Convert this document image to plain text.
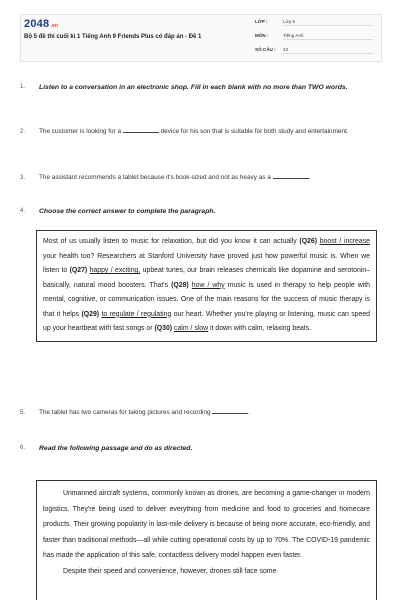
2048.vn
Bộ 5 đề thi cuối kì 1 Tiếng Anh 9 Friends Plus có đáp án - Đề 1
LỚP :	Lớp 9
MÔN :	Tiếng Anh
SỐ CÂU : 43
1. Listen to a conversation in an electronic shop. Fill in each blank with no more than TWO words.
2. The customer is looking for a	device for his son that is suitable for both study and entertainment.
3. The assistant recommends a tablet because it's book-sized and not as heavy as a	.
4. Choose the correct answer to complete the paragraph.
Most of us usually listen to music for relaxation, but did you know it can actually (Q26) boost / increase your health too? Researchers at Stanford University have proved just how powerful music is. When we listen to (Q27) happy / exciting, upbeat tunes, our brain releases chemicals like dopamine and serotonin–basically, natural mood boosters. That's (Q28) how / why music is used in therapy to help people with mental, cognitive, or communication issues. One of the main reasons for the success of music therapy is that it helps (Q29) to regulate / regulating our heart. Whether you're playing or listening, music can speed up your heartbeat with fast songs or (Q30) calm / slow it down with calm, relaxing beats.
5. The tablet has two cameras for taking pictures and recording	.
6. Read the following passage and do as directed.

Unmanned aircraft systems, commonly known as drones, are becoming a game-changer in modern logistics. They're being used to deliver everything from medicine and food to groceries and homecare products. Their growing popularity in last-mile delivery is because of being more accurate, eco-friendly, and faster than traditional methods—all while cutting operational costs by up to 70%. The COVID-19 pandemic has made the application of this safe, contactless delivery model happen even faster.

Despite their speed and convenience, however, drones still face some
